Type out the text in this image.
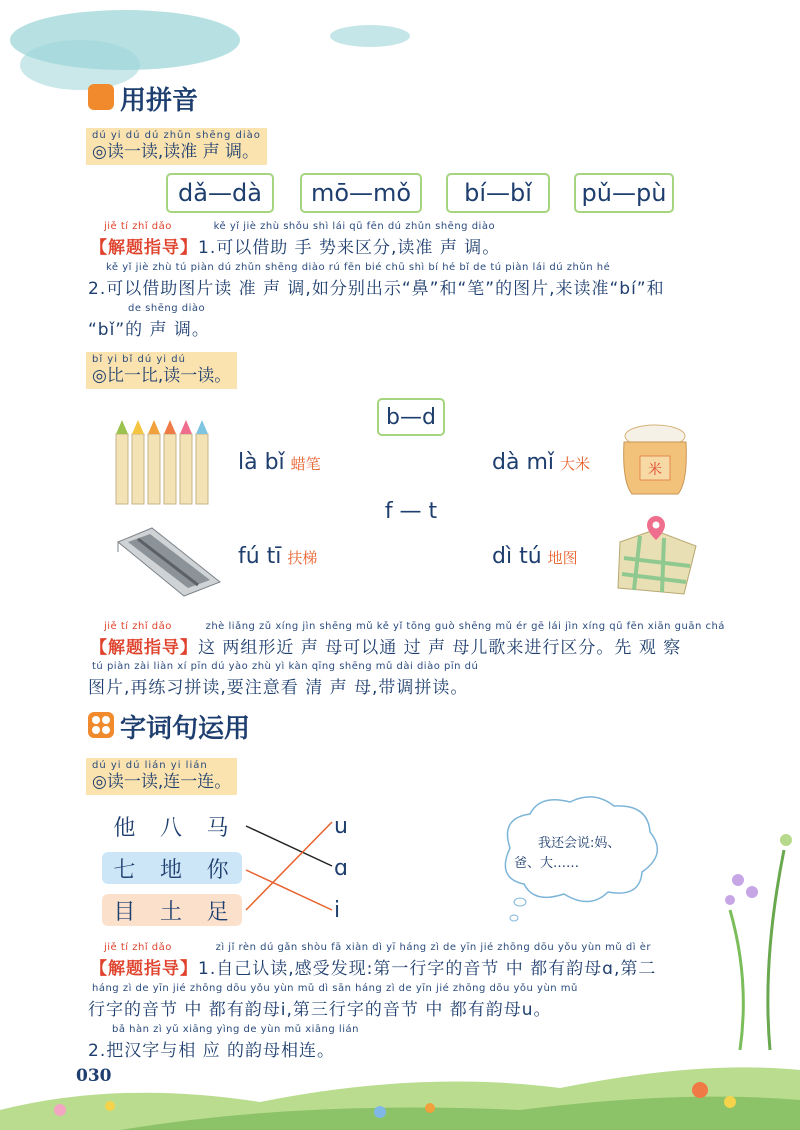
用拼音
dú yi dú dú zhǔn shēng diào
◎读一读,读准 声 调。
dǎ—dà	mō—mǒ	bí—bǐ	pǔ—pù
jiě tí zhǐ dǎo	kě yǐ jiè zhù shǒu shì lái qū fēn dú zhǔn shēng diào
【解题指导】1.可以借助 手 势来区分,读准 声 调。
kě yǐ jiè zhù tú piàn dú zhǔn shēng diào rú fēn bié chū shì bí hé bǐ de tú piàn lái dú zhǔn hé
2.可以借助图片读 准 声 调,如分别出示“鼻”和“笔”的图片,来读准“bí”和
de shēng diào
“bǐ”的 声 调。
bǐ yi bǐ dú yi dú
◎比一比,读一读。
b—d
f — t
là bǐ 蜡笔	dà mǐ 大米	米
fú tī 扶梯	dì tú 地图
jiě tí zhǐ dǎo	zhè liǎng zǔ xíng jìn shēng mǔ kě yǐ tōng guò shēng mǔ ér gē lái jìn xíng qū fēn xiān guān chá
【解题指导】这 两组形近 声 母可以通 过 声 母儿歌来进行区分。先 观 察
tú piàn zài liàn xí pīn dú yào zhù yì kàn qīng shēng mǔ dài diào pīn dú
图片,再练习拼读,要注意看 清 声 母,带调拼读。
字词句运用
dú yi dú lián yi lián
◎读一读,连一连。
他 八 马
七 地 你
目 土 足
u
ɑ
i
我还会说:妈、
爸、大……
jiě tí zhǐ dǎo	zì jǐ rèn dú gǎn shòu fā xiàn dì yī háng zì de yīn jié zhōng dōu yǒu yùn mǔ dì èr
【解题指导】1.自己认读,感受发现:第一行字的音节 中 都有韵母ɑ,第二
háng zì de yīn jié zhōng dōu yǒu yùn mǔ dì sān háng zì de yīn jié zhōng dōu yǒu yùn mǔ
行字的音节 中 都有韵母i,第三行字的音节 中 都有韵母u。
bǎ hàn zì yǔ xiāng yìng de yùn mǔ xiāng lián
2.把汉字与相 应 的韵母相连。
030
